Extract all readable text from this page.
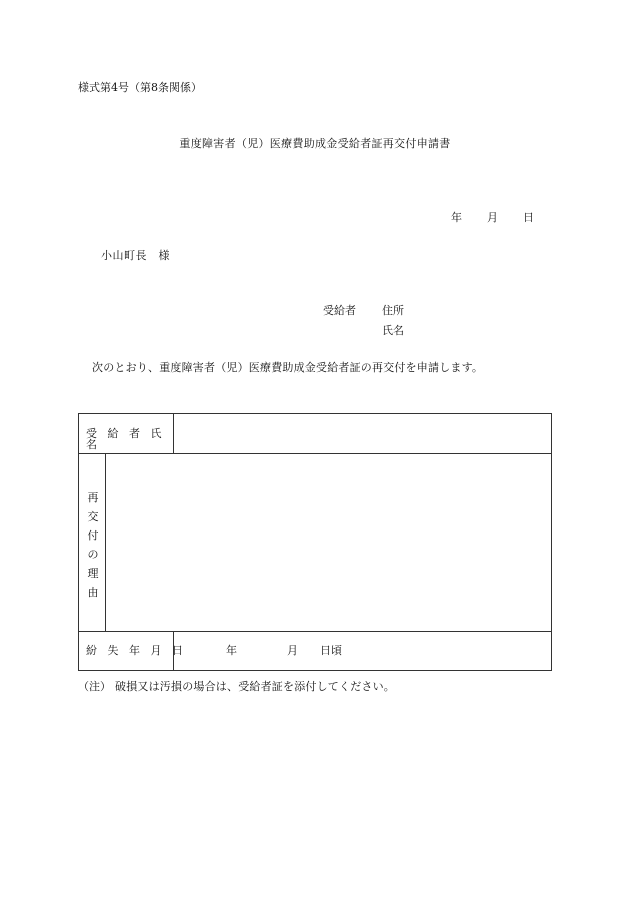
様式第4号（第8条関係）
重度障害者（児）医療費助成金受給者証再交付申請書
年 月 日
小山町長　様
受給者 住所
氏名
次のとおり、重度障害者（児）医療費助成金受給者証の再交付を申請します。
受 給 者 氏 名
再
交
付
の
理
由
紛 失 年 月 日	年	月 日頃
（注） 破損又は汚損の場合は、受給者証を添付してください。
